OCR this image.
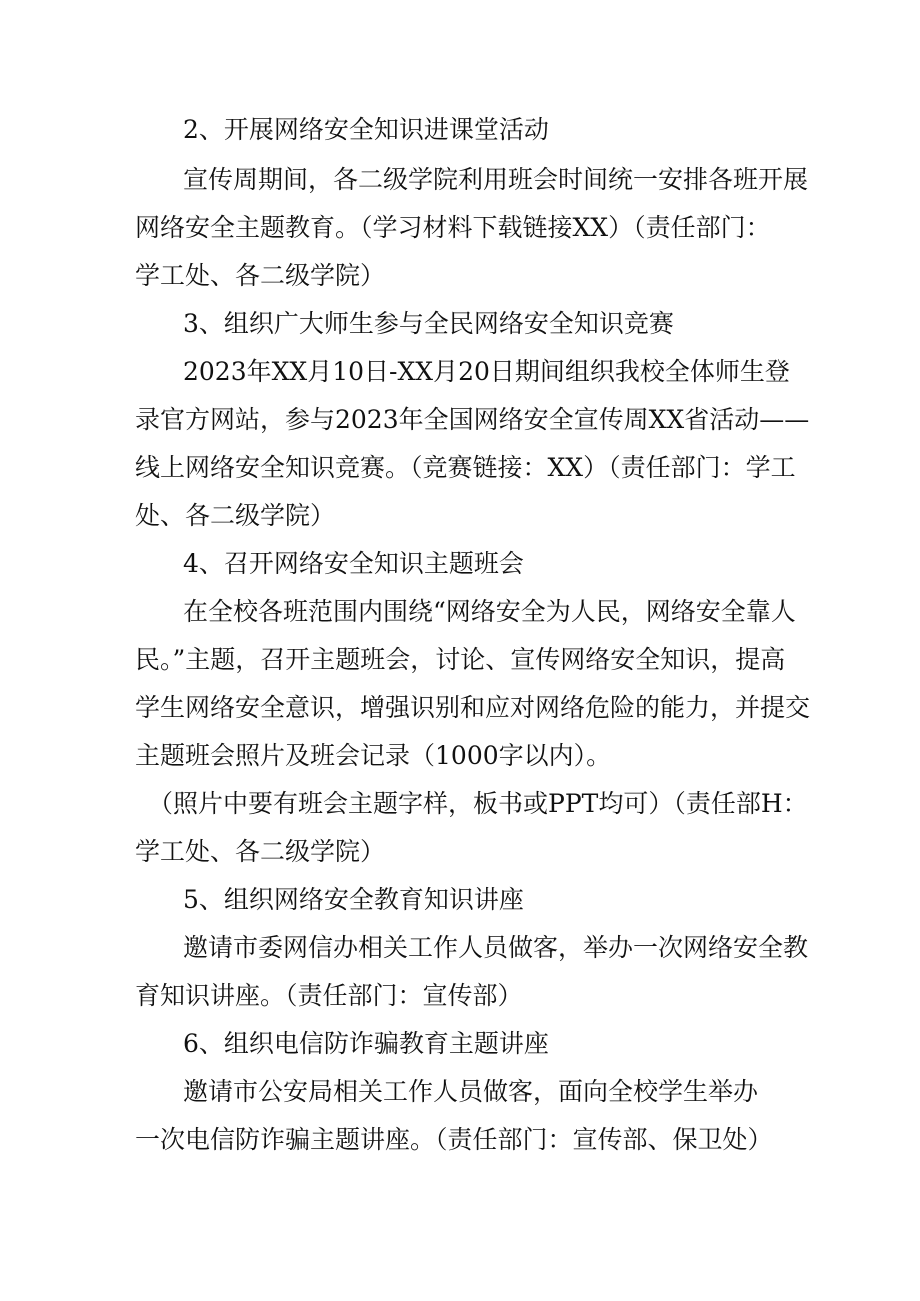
2、开展网络安全知识进课堂活动
宣传周期间，各二级学院利用班会时间统一安排各班开展
网络安全主题教育。（学习材料下载链接XX）（责任部门：
学工处、各二级学院）
3、组织广大师生参与全民网络安全知识竞赛
2023年XX月10日-XX月20日期间组织我校全体师生登
录官方网站，参与2023年全国网络安全宣传周XX省活动——
线上网络安全知识竞赛。（竞赛链接：XX）（责任部门：学工
处、各二级学院）
4、召开网络安全知识主题班会
在全校各班范围内围绕“网络安全为人民，网络安全靠人
民。”主题，召开主题班会，讨论、宣传网络安全知识，提高
学生网络安全意识，增强识别和应对网络危险的能力，并提交
主题班会照片及班会记录（1000字以内）。
（照片中要有班会主题字样，板书或PPT均可）（责任部H：
学工处、各二级学院）
5、组织网络安全教育知识讲座
邀请市委网信办相关工作人员做客，举办一次网络安全教
育知识讲座。（责任部门：宣传部）
6、组织电信防诈骗教育主题讲座
邀请市公安局相关工作人员做客，面向全校学生举办
一次电信防诈骗主题讲座。（责任部门：宣传部、保卫处）
